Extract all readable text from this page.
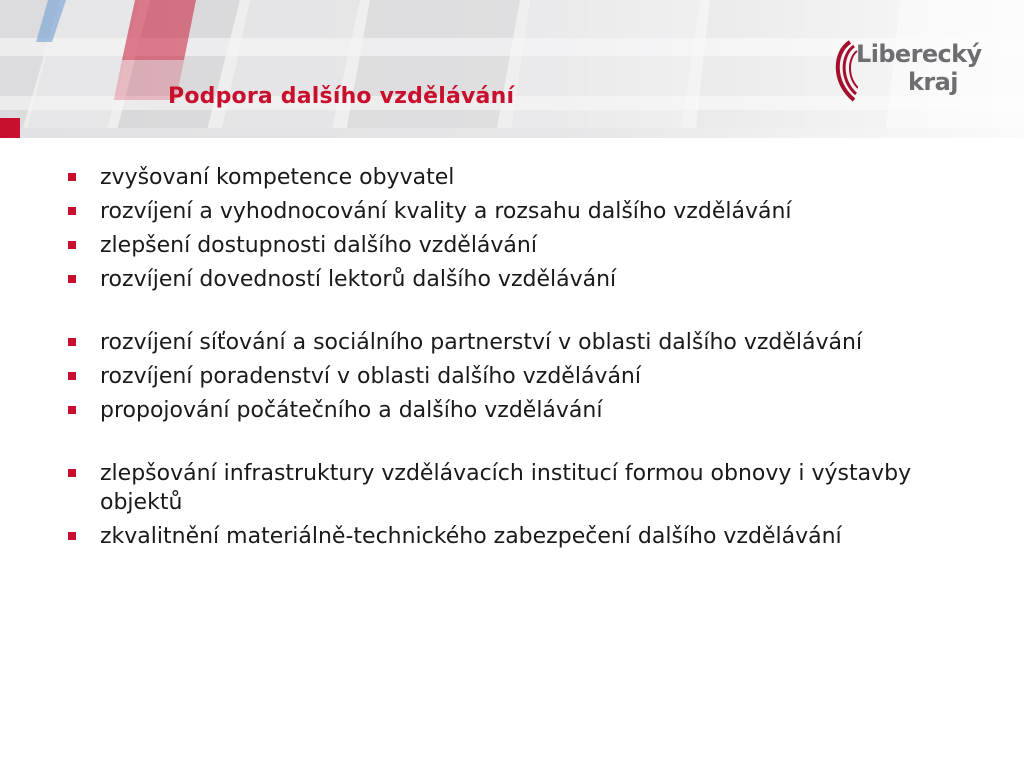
Podpora dalšího vzdělávání
Liberecký
kraj
zvyšovaní kompetence obyvatel
rozvíjení a vyhodnocování kvality a rozsahu dalšího vzdělávání
zlepšení dostupnosti dalšího vzdělávání
rozvíjení dovedností lektorů dalšího vzdělávání
rozvíjení síťování a sociálního partnerství v oblasti dalšího vzdělávání
rozvíjení poradenství v oblasti dalšího vzdělávání
propojování počátečního a dalšího vzdělávání
zlepšování infrastruktury vzdělávacích institucí formou obnovy i výstavby objektů
zkvalitnění materiálně-technického zabezpečení dalšího vzdělávání
